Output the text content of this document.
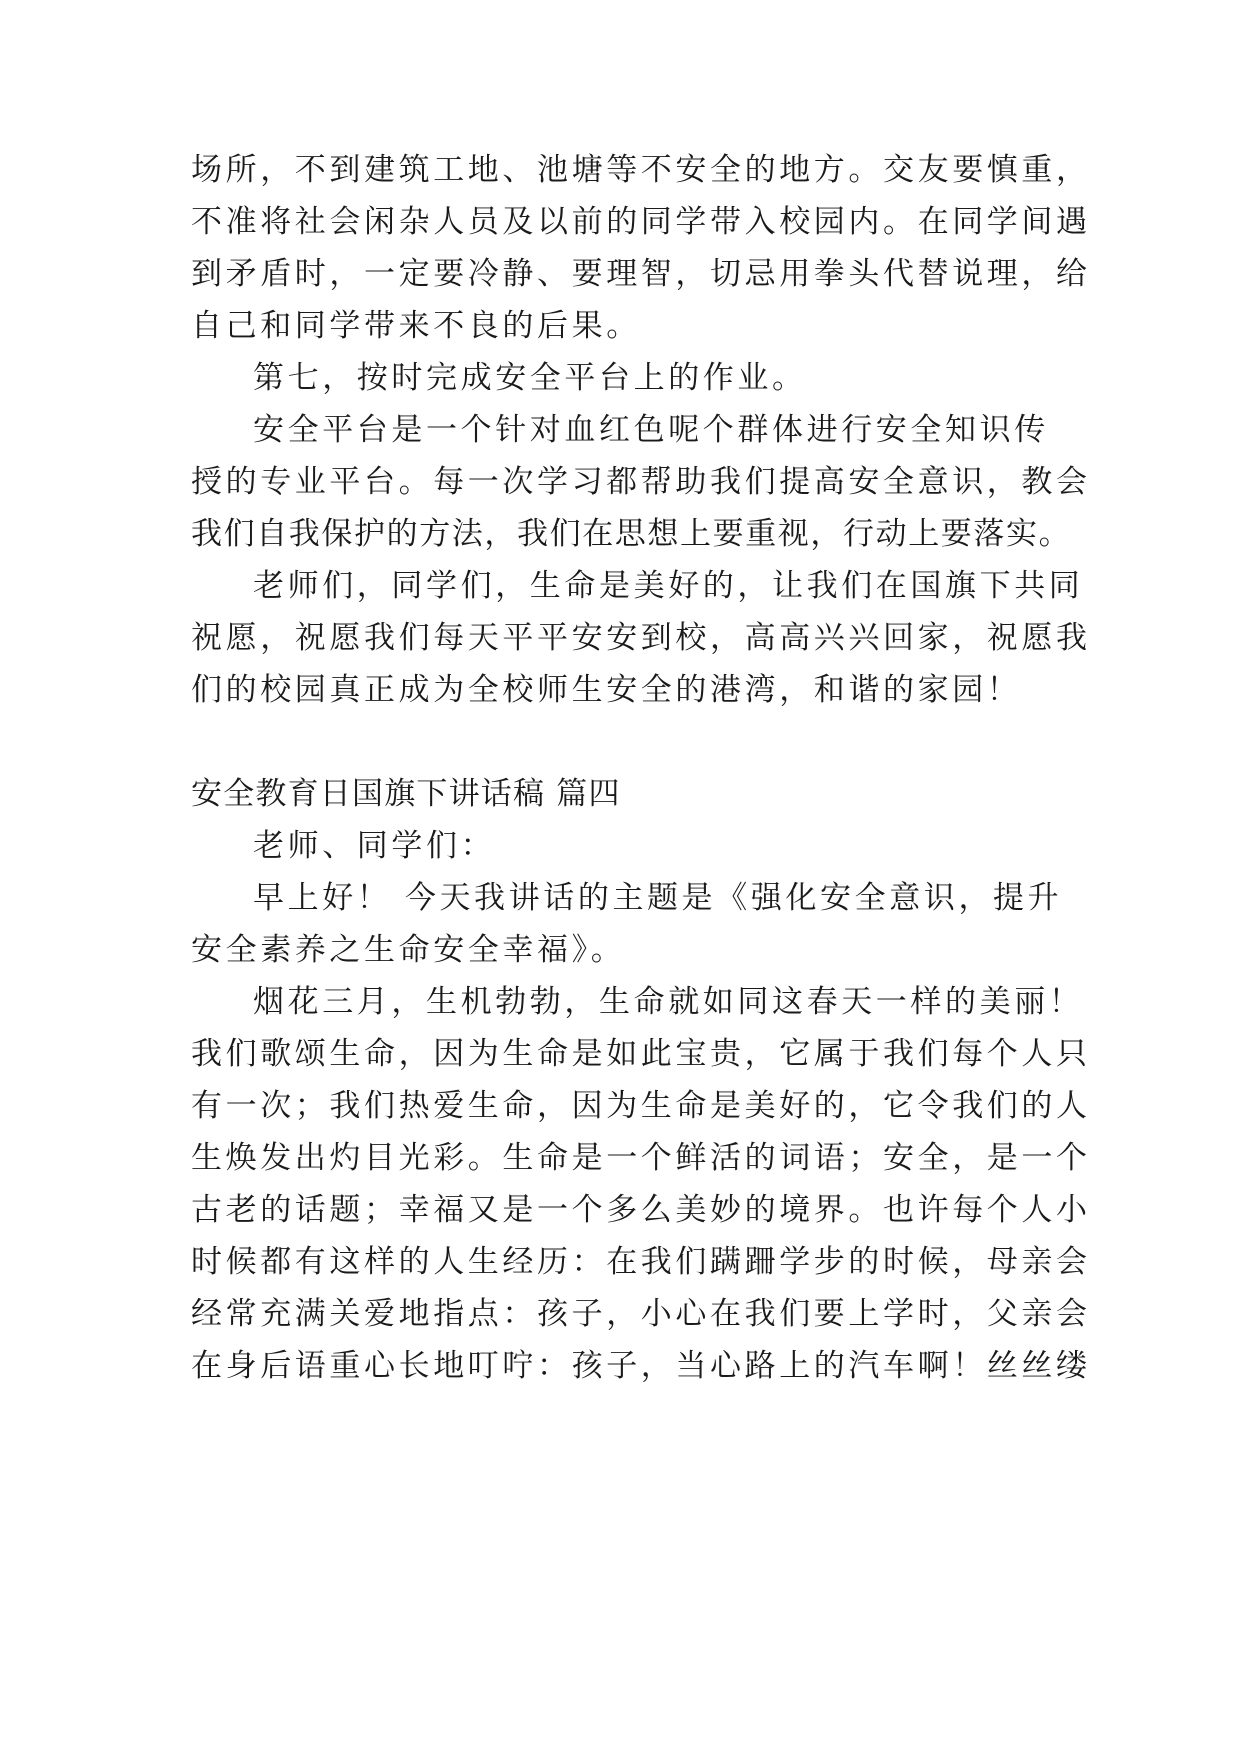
场所，不到建筑工地、池塘等不安全的地方。交友要慎重，
不准将社会闲杂人员及以前的同学带入校园内。在同学间遇
到矛盾时，一定要冷静、要理智，切忌用拳头代替说理，给
自己和同学带来不良的后果。
第七，按时完成安全平台上的作业。
安全平台是一个针对血红色呢个群体进行安全知识传
授的专业平台。每一次学习都帮助我们提高安全意识，教会
我们自我保护的方法，我们在思想上要重视，行动上要落实。
老师们，同学们，生命是美好的，让我们在国旗下共同
祝愿，祝愿我们每天平平安安到校，高高兴兴回家，祝愿我
们的校园真正成为全校师生安全的港湾，和谐的家园！
安全教育日国旗下讲话稿 篇四
老师、同学们：
早上好！ 今天我讲话的主题是《强化安全意识，提升
安全素养之生命安全幸福》。
烟花三月，生机勃勃，生命就如同这春天一样的美丽！
我们歌颂生命，因为生命是如此宝贵，它属于我们每个人只
有一次；我们热爱生命，因为生命是美好的，它令我们的人
生焕发出灼目光彩。生命是一个鲜活的词语；安全，是一个
古老的话题；幸福又是一个多么美妙的境界。也许每个人小
时候都有这样的人生经历：在我们蹒跚学步的时候，母亲会
经常充满关爱地指点：孩子，小心在我们要上学时，父亲会
在身后语重心长地叮咛：孩子，当心路上的汽车啊！丝丝缕
